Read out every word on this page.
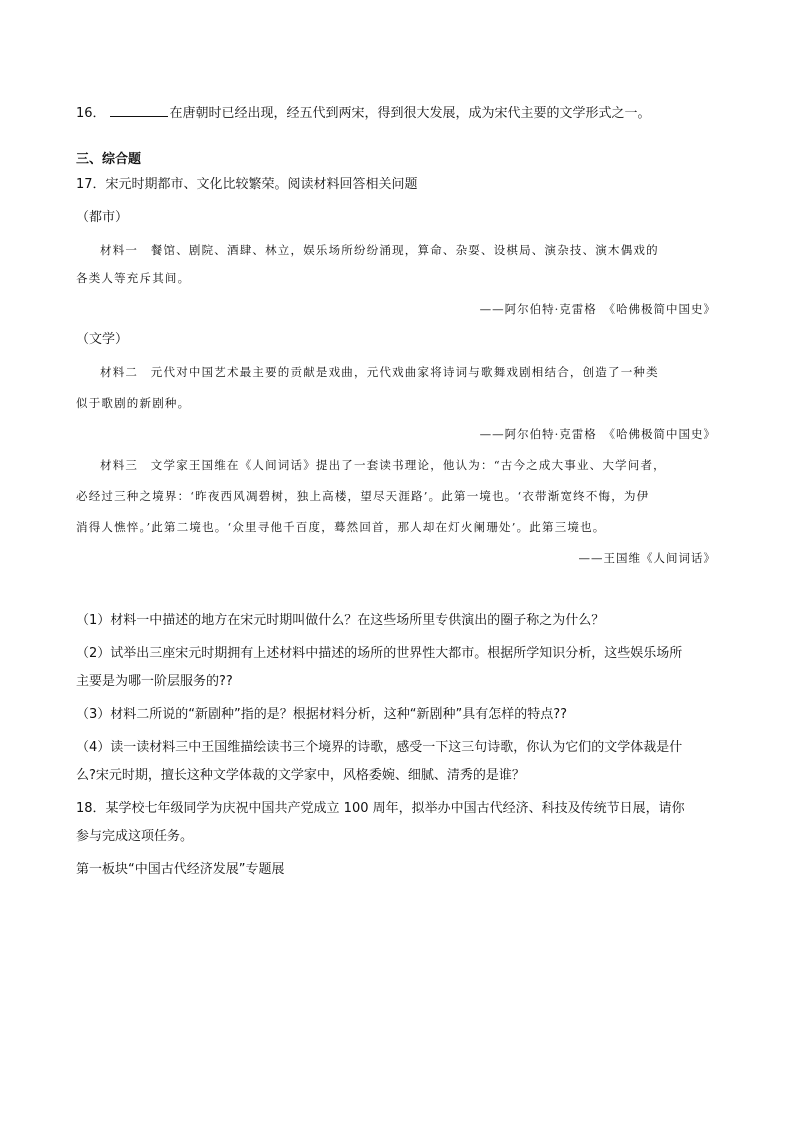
16．	在唐朝时已经出现，经五代到两宋，得到很大发展，成为宋代主要的文学形式之一。
三、综合题
17．宋元时期都市、文化比较繁荣。阅读材料回答相关问题
（都市）
材料一　餐馆、剧院、酒肆、林立，娱乐场所纷纷涌现，算命、杂耍、设棋局、演杂技、演木偶戏的
各类人等充斥其间。
——阿尔伯特·克雷格　《哈佛极简中国史》
（文学）
材料二　元代对中国艺术最主要的贡献是戏曲，元代戏曲家将诗词与歌舞戏剧相结合，创造了一种类
似于歌剧的新剧种。
——阿尔伯特·克雷格　《哈佛极简中国史》
材料三　文学家王国维在《人间词话》提出了一套读书理论，他认为：“古今之成大事业、大学问者，
必经过三种之境界：‘昨夜西风凋碧树，独上高楼，望尽天涯路’。此第一境也。‘衣带渐宽终不悔，为伊
消得人憔悴。’此第二境也。‘众里寻他千百度，蓦然回首，那人却在灯火阑珊处’。此第三境也。
——王国维《人间词话》
（1）材料一中描述的地方在宋元时期叫做什么？在这些场所里专供演出的圈子称之为什么？
（2）试举出三座宋元时期拥有上述材料中描述的场所的世界性大都市。根据所学知识分析，这些娱乐场所
主要是为哪一阶层服务的??
（3）材料二所说的“新剧种”指的是？根据材料分析，这种“新剧种”具有怎样的特点??
（4）读一读材料三中王国维描绘读书三个境界的诗歌，感受一下这三句诗歌，你认为它们的文学体裁是什
么?宋元时期，擅长这种文学体裁的文学家中，风格委婉、细腻、清秀的是谁？
18．某学校七年级同学为庆祝中国共产党成立 100 周年，拟举办中国古代经济、科技及传统节日展，请你
参与完成这项任务。
第一板块“中国古代经济发展”专题展
